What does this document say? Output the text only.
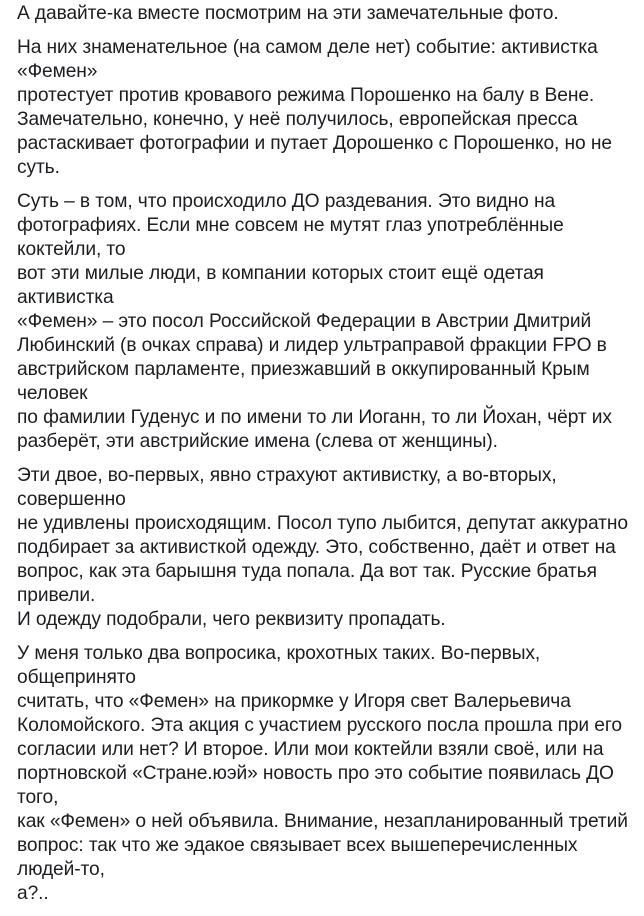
А давайте-ка вместе посмотрим на эти замечательные фото.

На них знаменательное (на самом деле нет) событие: активистка «Фемен»
протестует против кровавого режима Порошенко на балу в Вене.
Замечательно, конечно, у неё получилось, европейская пресса
растаскивает фотографии и путает Дорошенко с Порошенко, но не суть.

Суть – в том, что происходило ДО раздевания. Это видно на
фотографиях. Если мне совсем не мутят глаз употреблённые коктейли, то
вот эти милые люди, в компании которых стоит ещё одетая активистка
«Фемен» – это посол Российской Федерации в Австрии Дмитрий
Любинский (в очках справа) и лидер ультраправой фракции FPO в
австрийском парламенте, приезжавший в оккупированный Крым человек
по фамилии Гуденус и по имени то ли Иоганн, то ли Йохан, чёрт их
разберёт, эти австрийские имена (слева от женщины).

Эти двое, во-первых, явно страхуют активистку, а во-вторых, совершенно
не удивлены происходящим. Посол тупо лыбится, депутат аккуратно
подбирает за активисткой одежду. Это, собственно, даёт и ответ на
вопрос, как эта барышня туда попала. Да вот так. Русские братья привели.
И одежду подобрали, чего реквизиту пропадать.

У меня только два вопросика, крохотных таких. Во-первых, общепринято
считать, что «Фемен» на прикормке у Игоря свет Валерьевича
Коломойского. Эта акция с участием русского посла прошла при его
согласии или нет? И второе. Или мои коктейли взяли своё, или на
портновской «Стране.юэй» новость про это событие появилась ДО того,
как «Фемен» о ней объявила. Внимание, незапланированный третий
вопрос: так что же эдакое связывает всех вышеперечисленных людей-то,
а?..
